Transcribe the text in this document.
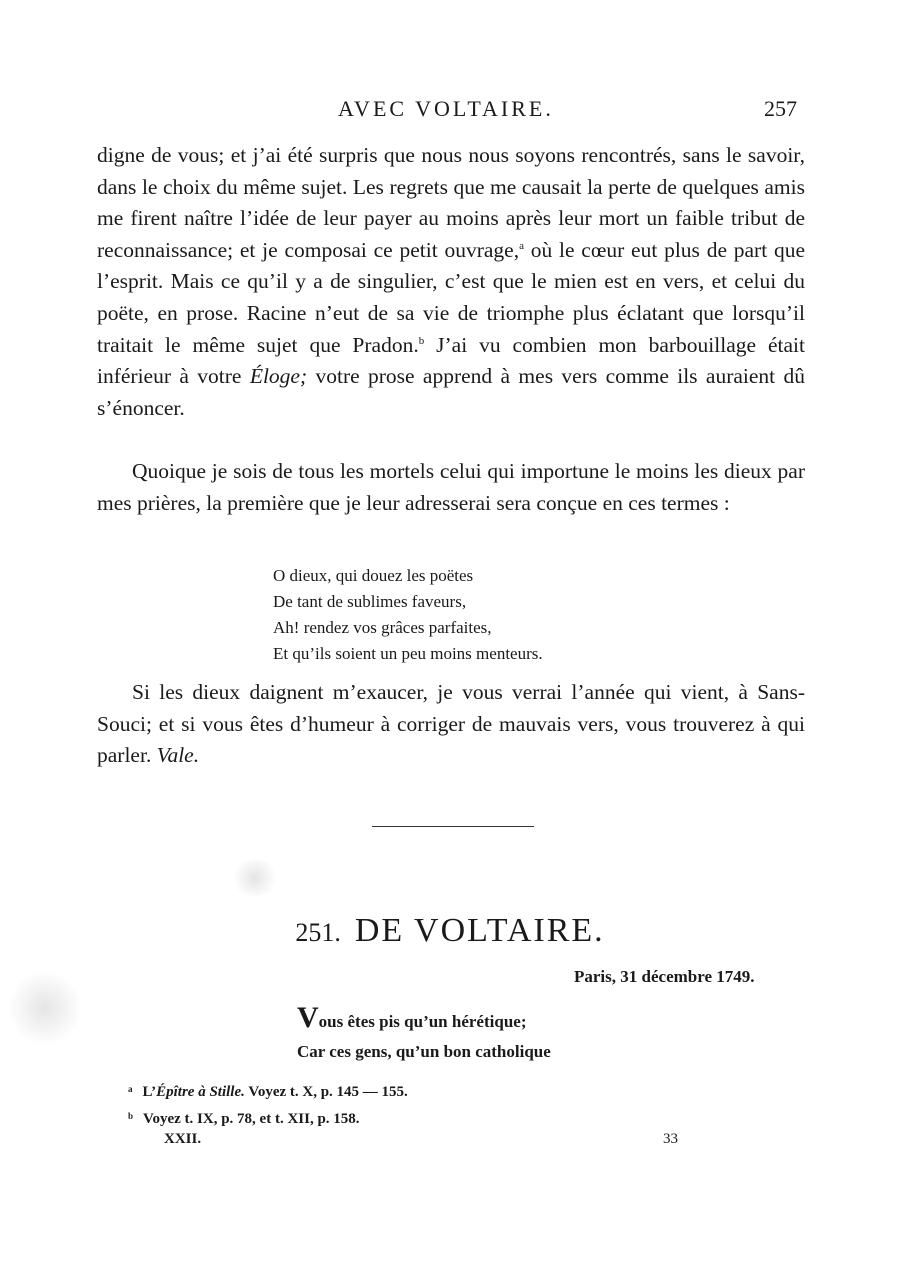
AVEC VOLTAIRE.	257

digne de vous; et j’ai été surpris que nous nous soyons rencontrés, sans le savoir, dans le choix du même sujet. Les regrets que me causait la perte de quelques amis me firent naître l’idée de leur payer au moins après leur mort un faible tribut de reconnaissance; et je composai ce petit ouvrage,$^a$ où le cœur eut plus de part que l’esprit. Mais ce qu’il y a de singulier, c’est que le mien est en vers, et celui du poëte, en prose. Racine n’eut de sa vie de triomphe plus éclatant que lorsqu’il traitait le même sujet que Pradon.$^b$ J’ai vu combien mon barbouillage était inférieur à votre Éloge; votre prose apprend à mes vers comme ils auraient dû s’énoncer.

Quoique je sois de tous les mortels celui qui importune le moins les dieux par mes prières, la première que je leur adresserai sera conçue en ces termes :

O dieux, qui douez les poëtes
De tant de sublimes faveurs,
Ah! rendez vos grâces parfaites,
Et qu’ils soient un peu moins menteurs.

Si les dieux daignent m’exaucer, je vous verrai l’année qui vient, à Sans-Souci; et si vous êtes d’humeur à corriger de mauvais vers, vous trouverez à qui parler. Vale.

251. DE VOLTAIRE.
Paris, 31 décembre 1749.
Vous êtes pis qu’un hérétique;
Car ces gens, qu’un bon catholique
$^a$ L’Épître à Stille. Voyez t. X, p. 145 — 155.
$^b$ Voyez t. IX, p. 78, et t. XII, p. 158.
XXII.	33
